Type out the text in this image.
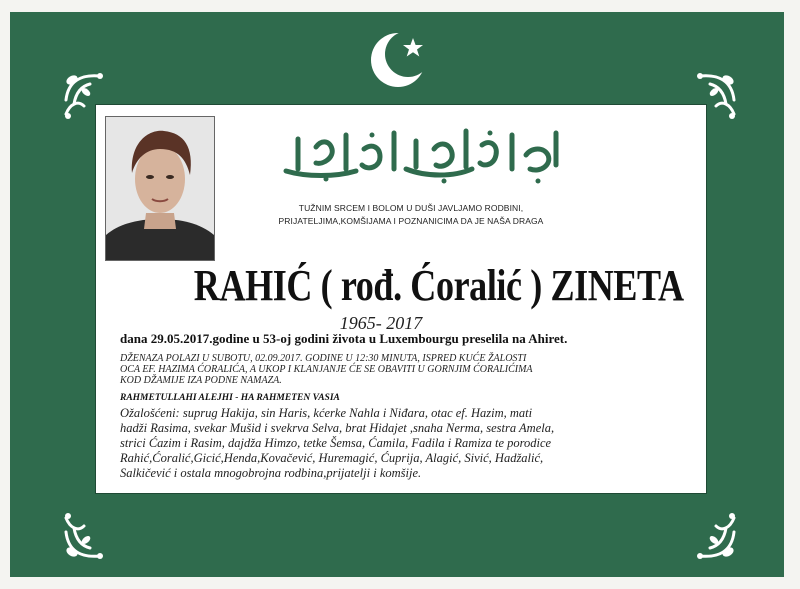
TUŽNIM SRCEM I BOLOM U DUŠI JAVLJAMO RODBINI,
PRIJATELJIMA,KOMŠIJAMA I POZNANICIMA DA JE NAŠA DRAGA
RAHIĆ ( rođ. Ćoralić ) ZINETA
1965- 2017
dana 29.05.2017.godine u 53-oj godini života u Luxembourgu preselila na Ahiret.
DŽENAZA POLAZI U SUBOTU, 02.09.2017. GODINE U 12:30 MINUTA, ISPRED KUĆE ŽALOSTI
OCA EF. HAZIMA ĆORALIĆA, A UKOP I KLANJANJE ĆE SE OBAVITI U GORNJIM ĆORALIĆIMA
KOD DŽAMIJE IZA PODNE NAMAZA.
RAHMETULLAHI ALEJHI - HA RAHMETEN VASIA
Ožalošćeni: suprug Hakija, sin Haris, kćerke Nahla i Niđara, otac ef. Hazim, mati
hadži Rasima, svekar Mušid i svekrva Selva, brat Hidajet ,snaha Nerma, sestra Amela,
strici Ćazim i Rasim, dajdža Himzo, tetke Šemsa, Ćamila, Fadila i Ramiza te porodice
Rahić,Ćoralić,Gicić,Henda,Kovačević, Huremagić, Ćuprija, Alagić, Sivić, Hadžalić,
Salkičević i ostala mnogobrojna rodbina,prijatelji i komšije.
